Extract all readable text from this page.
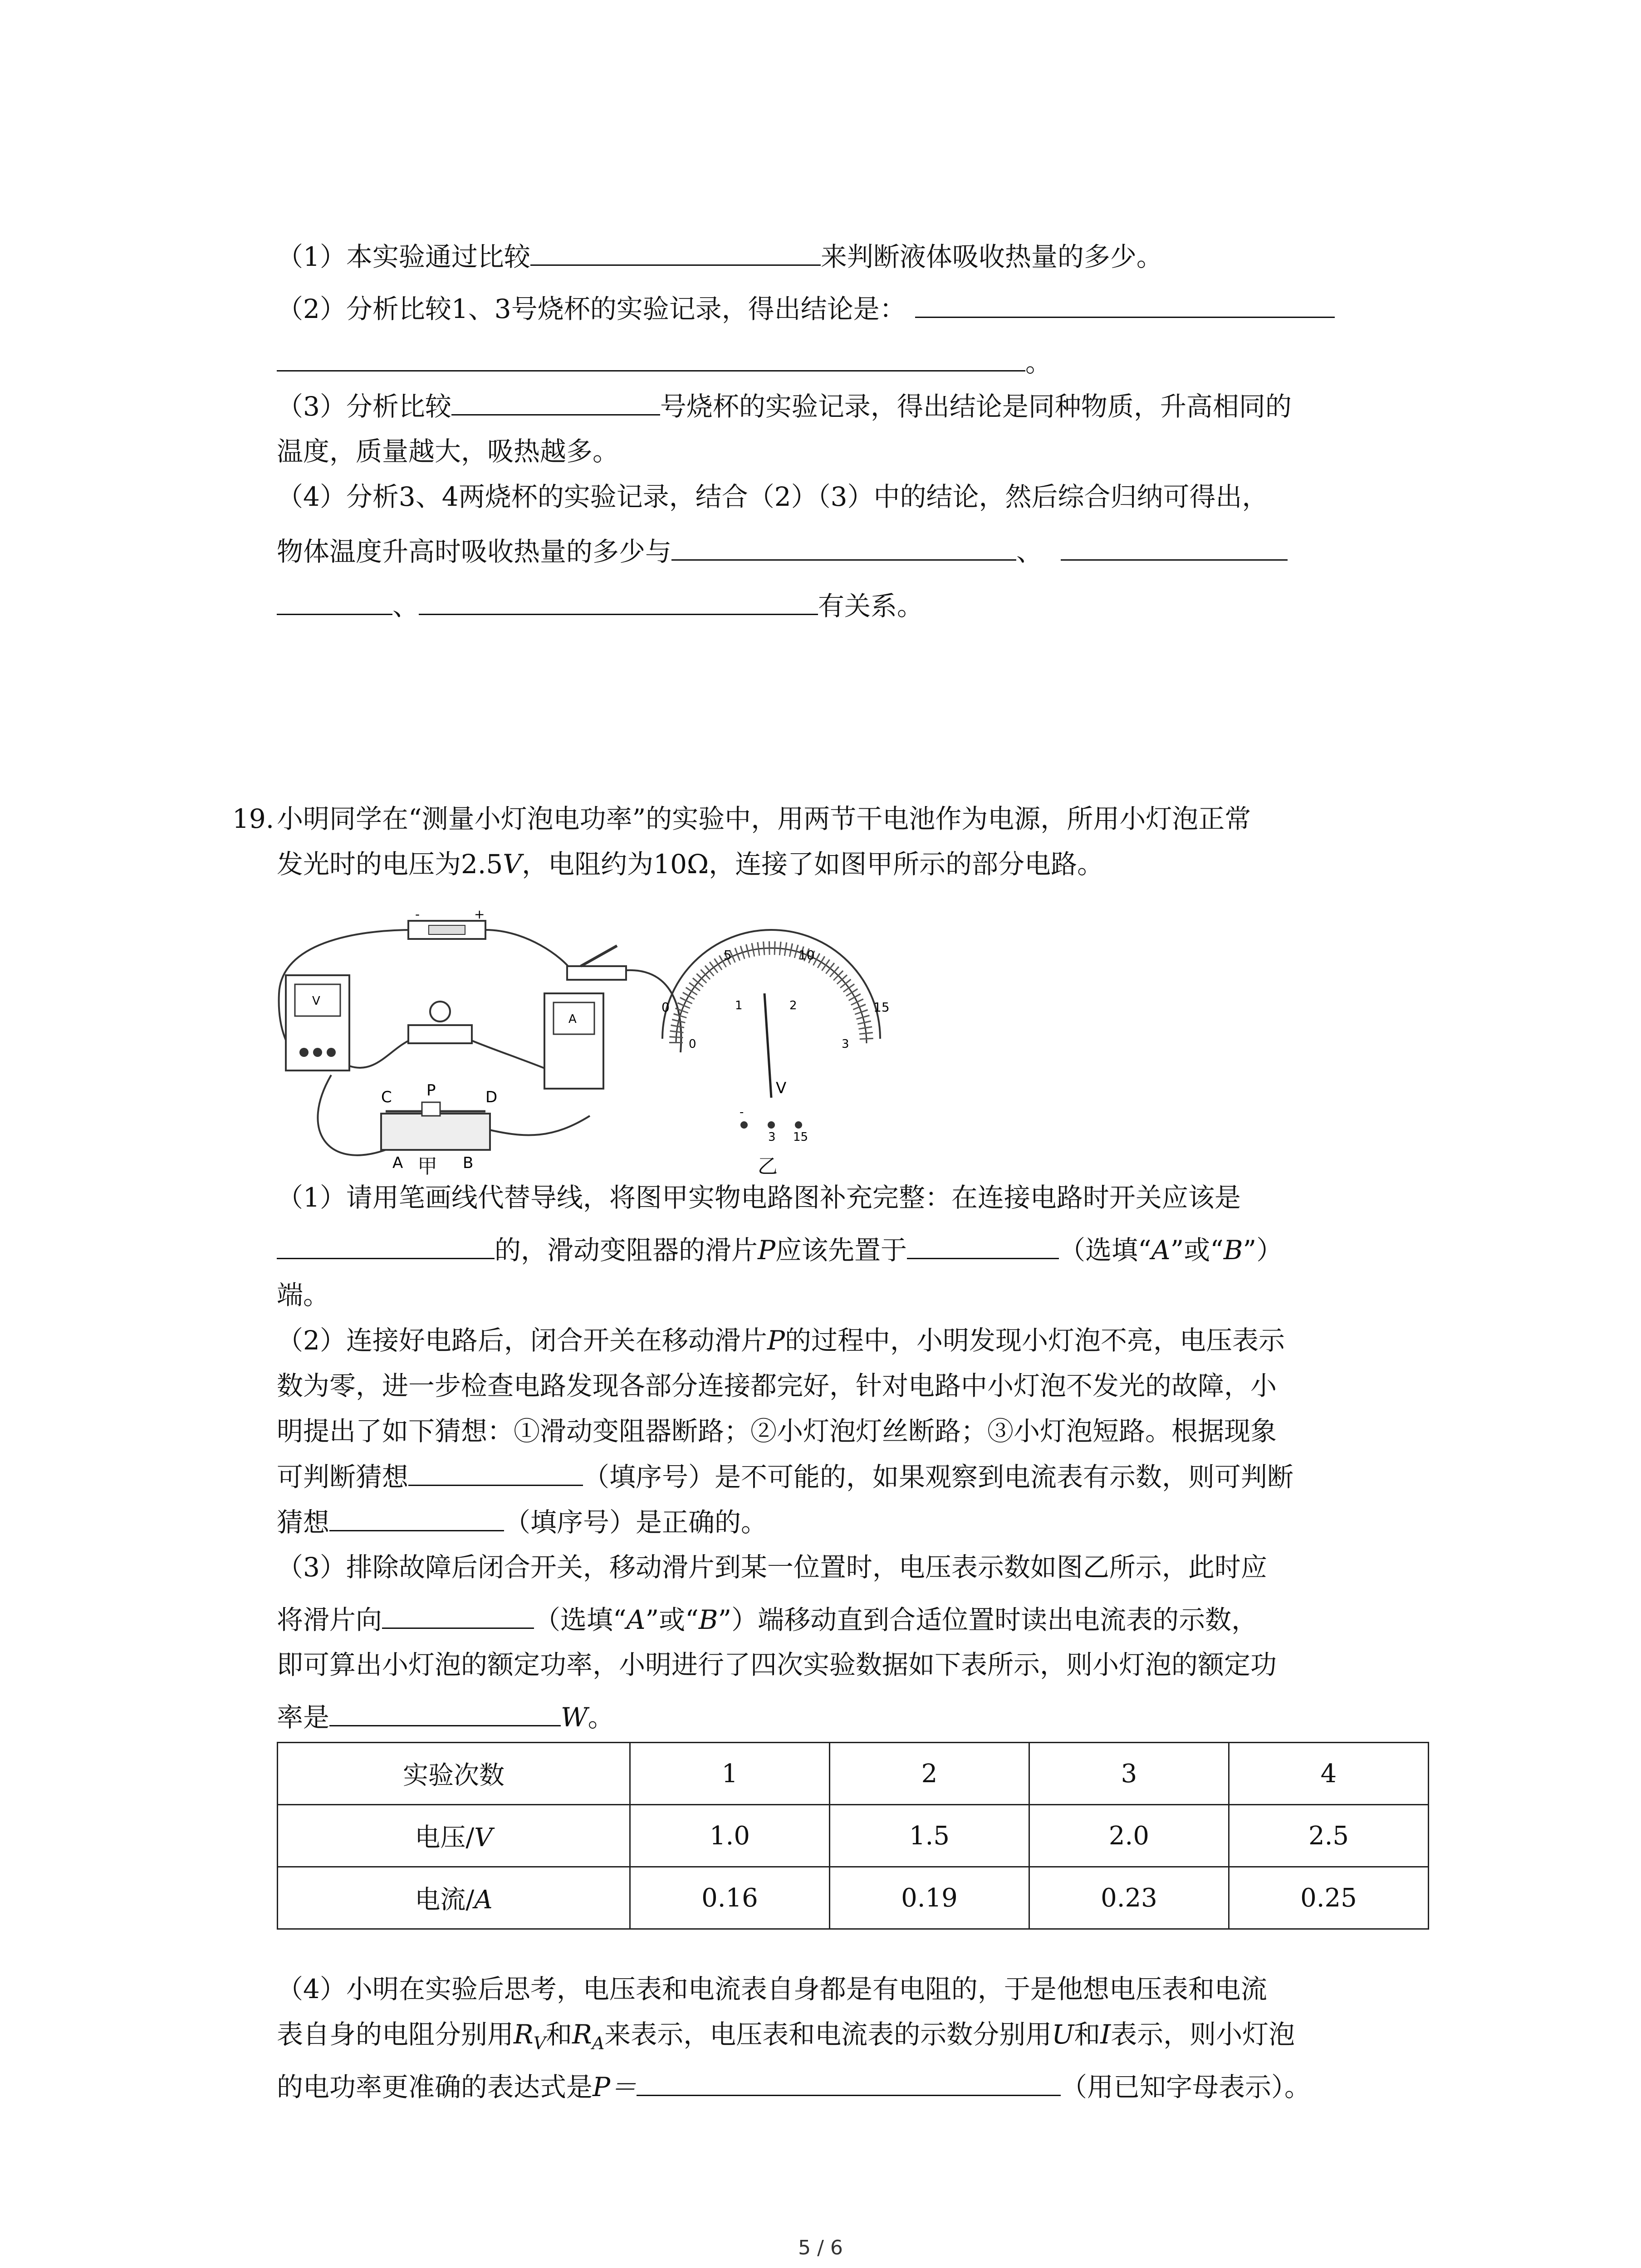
（1）本实验通过比较	来判断液体吸收热量的多少。
（2）分析比较1、3号烧杯的实验记录，得出结论是：
。
（3）分析比较	号烧杯的实验记录，得出结论是同种物质，升高相同的
温度，质量越大，吸热越多。
（4）分析3、4两烧杯的实验记录，结合（2）（3）中的结论，然后综合归纳可得出，
物体温度升高时吸收热量的多少与	、
、	有关系。
19. 小明同学在“测量小灯泡电功率”的实验中，用两节干电池作为电源，所用小灯泡正常
发光时的电压为2.5V，电阻约为10Ω，连接了如图甲所示的部分电路。
-	+
V
A
C P	D
A	B
0
5	10
15
0
1	2
3
V
-
3 15
甲	乙
（1）请用笔画线代替导线，将图甲实物电路图补充完整：在连接电路时开关应该是
的，滑动变阻器的滑片P应该先置于	（选填“A”或“B”）
端。
（2）连接好电路后，闭合开关在移动滑片P的过程中，小明发现小灯泡不亮，电压表示
数为零，进一步检查电路发现各部分连接都完好，针对电路中小灯泡不发光的故障，小
明提出了如下猜想：①滑动变阻器断路；②小灯泡灯丝断路；③小灯泡短路。根据现象
可判断猜想	（填序号）是不可能的，如果观察到电流表有示数，则可判断
猜想	（填序号）是正确的。
（3）排除故障后闭合开关，移动滑片到某一位置时，电压表示数如图乙所示，此时应
将滑片向	（选填“A”或“B”）端移动直到合适位置时读出电流表的示数，
即可算出小灯泡的额定功率，小明进行了四次实验数据如下表所示，则小灯泡的额定功
率是	W。
实验次数	1	2	3	4
电压/V	1.0	1.5	2.0	2.5
电流/A	0.16	0.19	0.23	0.25
（4）小明在实验后思考，电压表和电流表自身都是有电阻的，于是他想电压表和电流
表自身的电阻分别用$R_V$和$R_A$来表示，电压表和电流表的示数分别用U和I表示，则小灯泡
的电功率更准确的表达式是P＝	（用已知字母表示）。
5 / 6
